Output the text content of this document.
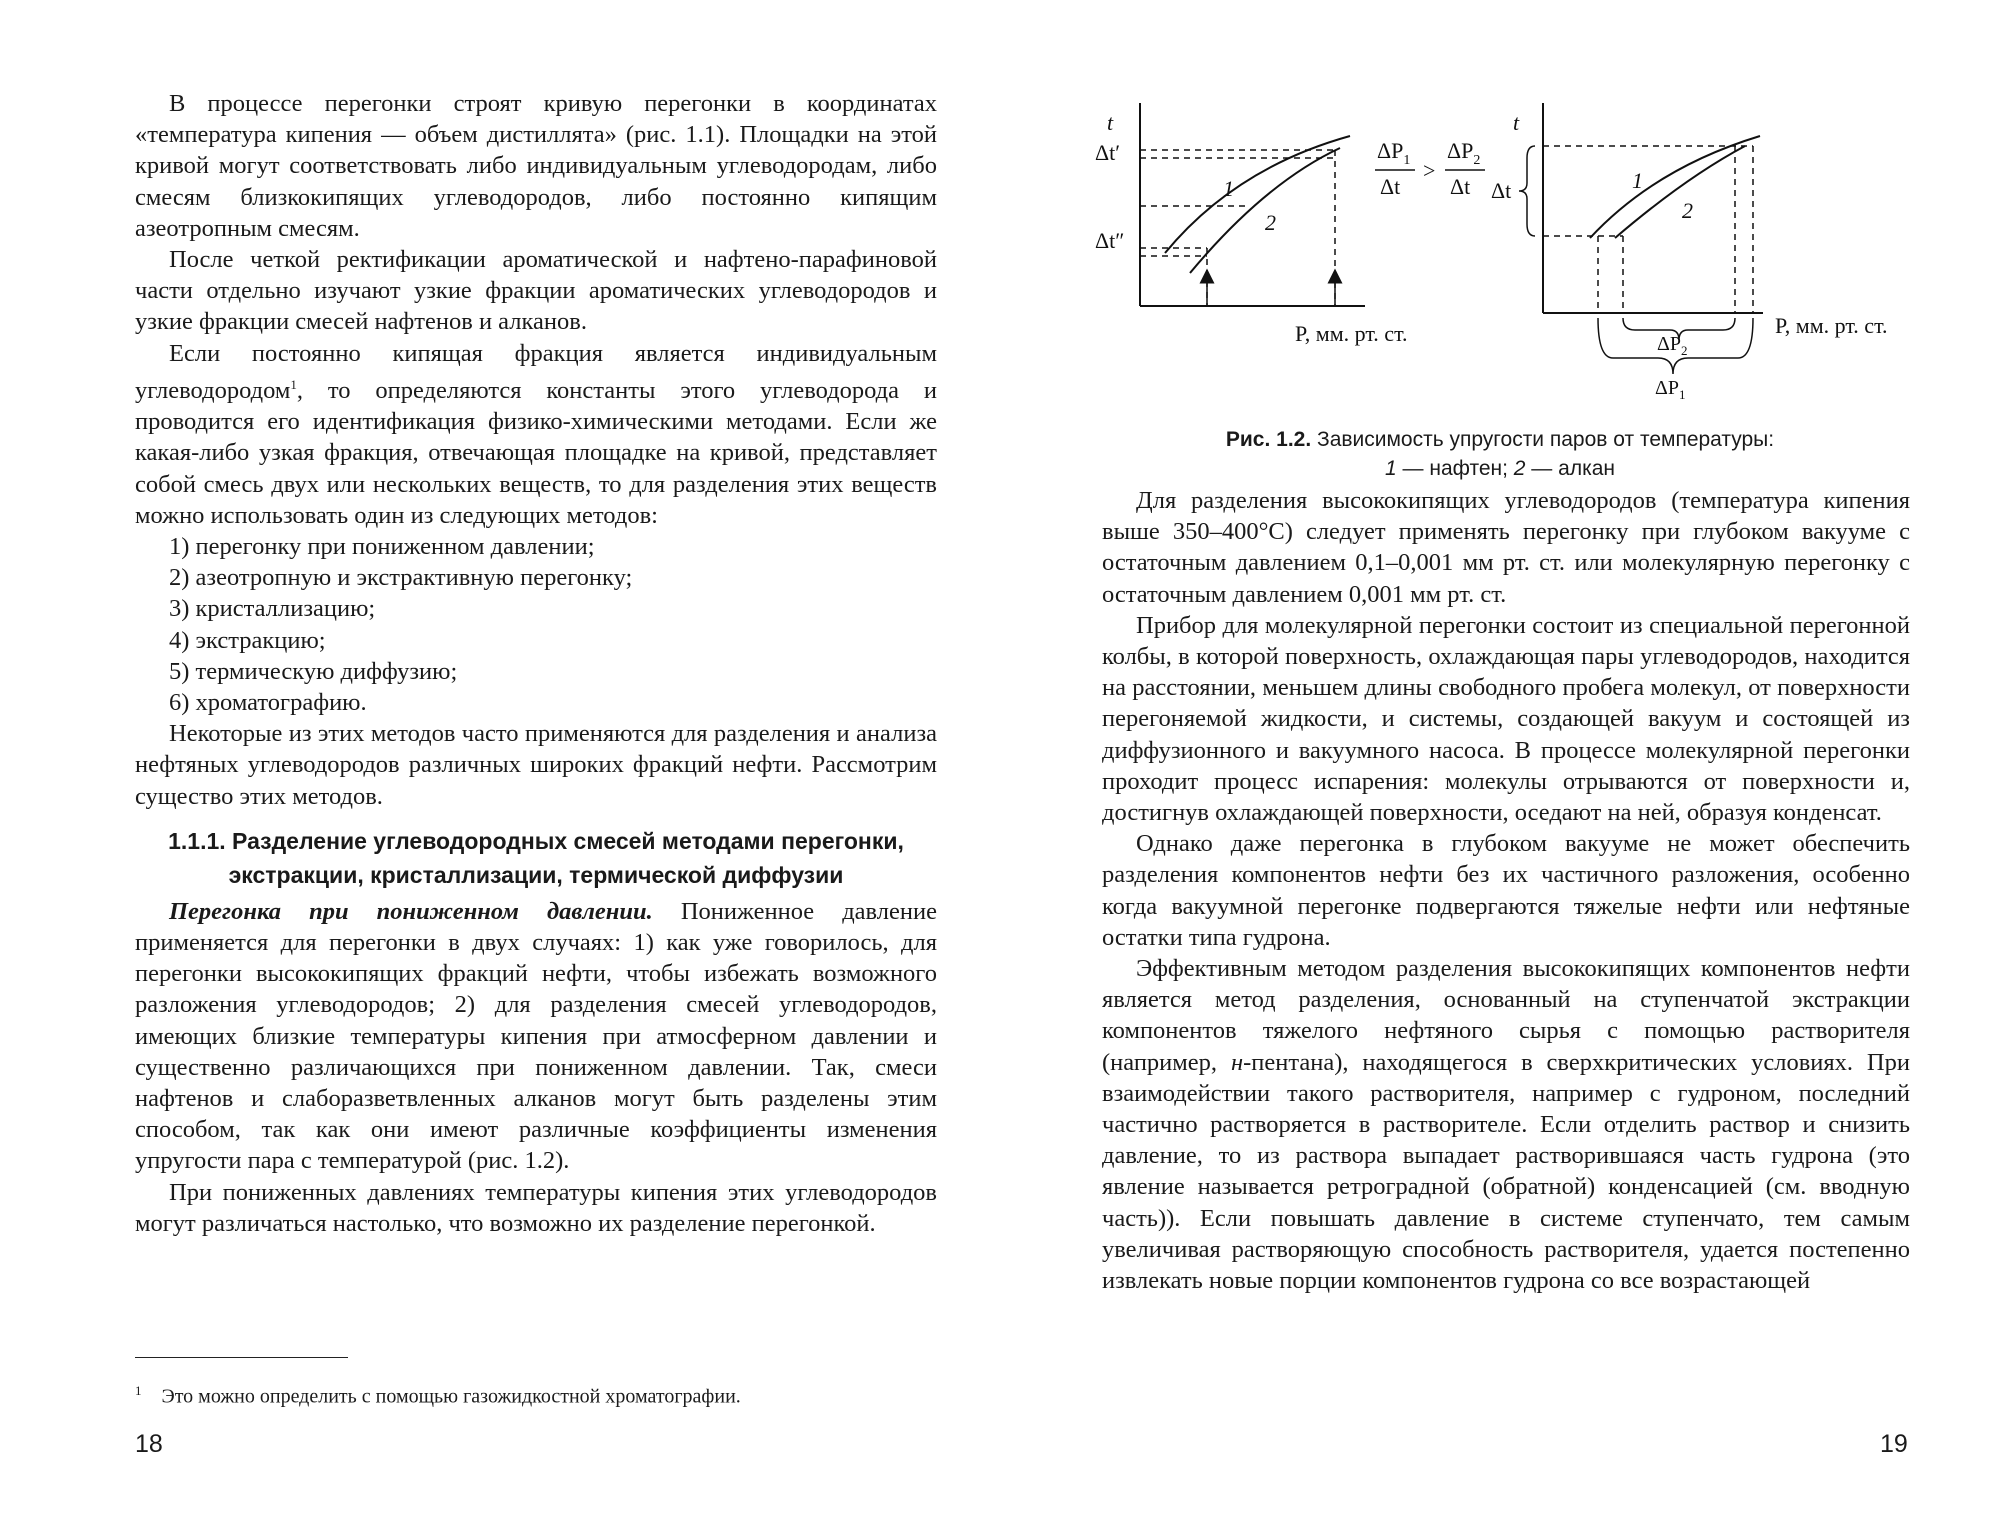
В процессе перегонки строят кривую перегонки в координатах «температура кипения — объем дистиллята» (рис. 1.1). Площадки на этой кривой могут соответствовать либо индивидуальным углеводородам, либо смесям близкокипящих углеводородов, либо постоянно кипящим азеотропным смесям.

После четкой ректификации ароматической и нафтено-парафиновой части отдельно изучают узкие фракции ароматических углеводородов и узкие фракции смесей нафтенов и алканов.

Если постоянно кипящая фракция является индивидуальным углеводородом$^1$, то определяются константы этого углеводорода и проводится его идентификация физико-химическими методами. Если же какая-либо узкая фракция, отвечающая площадке на кривой, представляет собой смесь двух или нескольких веществ, то для разделения этих веществ можно использовать один из следующих методов:

1) перегонку при пониженном давлении;
2) азеотропную и экстрактивную перегонку;
3) кристаллизацию;
4) экстракцию;
5) термическую диффузию;
6) хроматографию.

Некоторые из этих методов часто применяются для разделения и анализа нефтяных углеводородов различных широких фракций нефти. Рассмотрим существо этих методов.

1.1.1. Разделение углеводородных смесей методами перегонки,
экстракции, кристаллизации, термической диффузии

Перегонка при пониженном давлении. Пониженное давление применяется для перегонки в двух случаях: 1) как уже говорилось, для перегонки высококипящих фракций нефти, чтобы избежать возможного разложения углеводородов; 2) для разделения смесей углеводородов, имеющих близкие температуры кипения при атмосферном давлении и существенно различающихся при пониженном давлении. Так, смеси нафтенов и слаборазветвленных алканов могут быть разделены этим способом, так как они имеют различные коэффициенты изменения упругости пара с температурой (рис. 1.2).

При пониженных давлениях температуры кипения этих углеводородов могут различаться настолько, что возможно их разделение перегонкой.

$^1$ Это можно определить с помощью газожидкостной хроматографии.
18
t
Δt′
Δt″
1
2
P, мм. рт. ст.
$\Delta P_1$
Δt
>
$\Delta P_2$
Δt
t
Δt	1
2
P, мм. рт. ст.
$\Delta P_2$
$\Delta P_1$
Рис. 1.2. Зависимость упругости паров от температуры:
1 — нафтен; 2 — алкан

Для разделения высококипящих углеводородов (температура кипения выше 350–400°С) следует применять перегонку при глубоком вакууме с остаточным давлением 0,1–0,001 мм рт. ст. или молекулярную перегонку с остаточным давлением 0,001 мм рт. ст.

Прибор для молекулярной перегонки состоит из специальной перегонной колбы, в которой поверхность, охлаждающая пары углеводородов, находится на расстоянии, меньшем длины свободного пробега молекул, от поверхности перегоняемой жидкости, и системы, создающей вакуум и состоящей из диффузионного и вакуумного насоса. В процессе молекулярной перегонки проходит процесс испарения: молекулы отрываются от поверхности и, достигнув охлаждающей поверхности, оседают на ней, образуя конденсат.

Однако даже перегонка в глубоком вакууме не может обеспечить разделения компонентов нефти без их частичного разложения, особенно когда вакуумной перегонке подвергаются тяжелые нефти или нефтяные остатки типа гудрона.

Эффективным методом разделения высококипящих компонентов нефти является метод разделения, основанный на ступенчатой экстракции компонентов тяжелого нефтяного сырья с помощью растворителя (например, н-пентана), находящегося в сверхкритических условиях. При взаимодействии такого растворителя, например с гудроном, последний частично растворяется в растворителе. Если отделить раствор и снизить давление, то из раствора выпадает растворившаяся часть гудрона (это явление называется ретроградной (обратной) конденсацией (см. вводную часть)). Если повышать давление в системе ступенчато, тем самым увеличивая растворяющую способность растворителя, удается постепенно извлекать новые порции компонентов гудрона со все возрастающей

19
